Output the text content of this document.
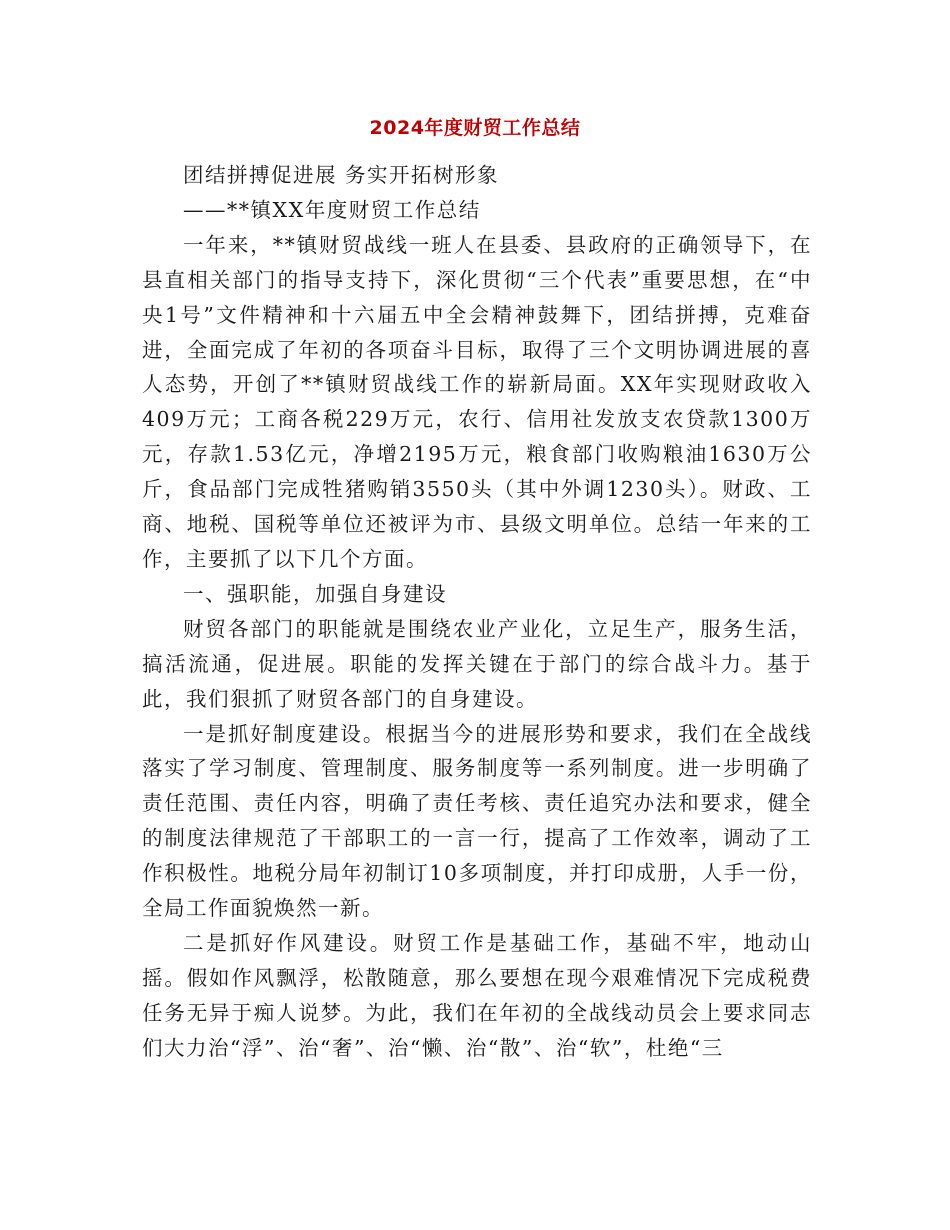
2024年度财贸工作总结

团结拼搏促进展 务实开拓树形象

——**镇XX年度财贸工作总结

一年来，**镇财贸战线一班人在县委、县政府的正确领导下，在县直相关部门的指导支持下，深化贯彻“三个代表”重要思想，在“中央1号”文件精神和十六届五中全会精神鼓舞下，团结拼搏，克难奋进，全面完成了年初的各项奋斗目标，取得了三个文明协调进展的喜人态势，开创了**镇财贸战线工作的崭新局面。XX年实现财政收入409万元；工商各税229万元，农行、信用社发放支农贷款1300万元，存款1.53亿元，净增2195万元，粮食部门收购粮油1630万公斤，食品部门完成牲猪购销3550头（其中外调1230头）。财政、工商、地税、国税等单位还被评为市、县级文明单位。总结一年来的工作，主要抓了以下几个方面。

一、强职能，加强自身建设

财贸各部门的职能就是围绕农业产业化，立足生产，服务生活，搞活流通，促进展。职能的发挥关键在于部门的综合战斗力。基于此，我们狠抓了财贸各部门的自身建设。

一是抓好制度建设。根据当今的进展形势和要求，我们在全战线落实了学习制度、管理制度、服务制度等一系列制度。进一步明确了责任范围、责任内容，明确了责任考核、责任追究办法和要求，健全的制度法律规范了干部职工的一言一行，提高了工作效率，调动了工作积极性。地税分局年初制订10多项制度，并打印成册，人手一份，全局工作面貌焕然一新。

二是抓好作风建设。财贸工作是基础工作，基础不牢，地动山摇。假如作风飘浮，松散随意，那么要想在现今艰难情况下完成税费任务无异于痴人说梦。为此，我们在年初的全战线动员会上要求同志们大力治“浮”、治“奢”、治“懒、治“散”、治“软”，杜绝“三
